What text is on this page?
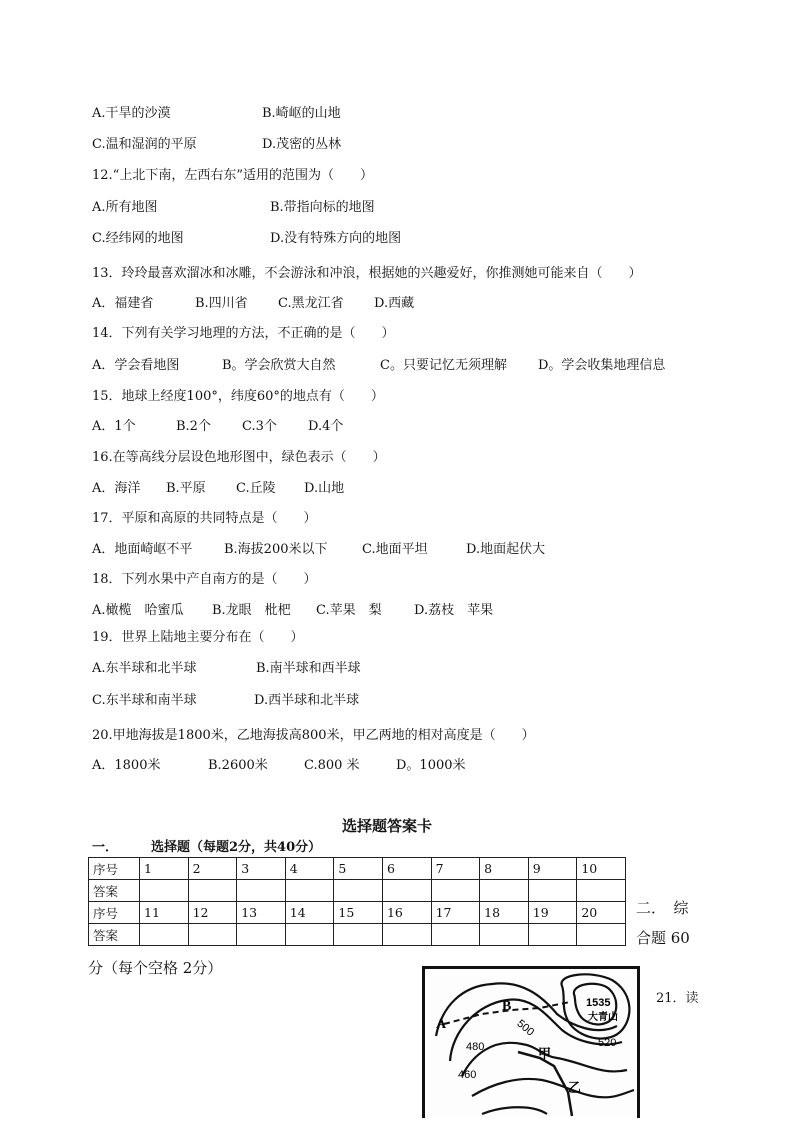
A.干旱的沙漠	B.崎岖的山地
C.温和湿润的平原	D.茂密的丛林
12.“上北下南，左西右东”适用的范围为（　　）
A.所有地图	B.带指向标的地图
C.经纬网的地图	D.没有特殊方向的地图
13．玲玲最喜欢溜冰和冰雕，不会游泳和冲浪，根据她的兴趣爱好，你推测她可能来自（　　）
A．福建省	B.四川省 C.黑龙江省 D.西藏
14．下列有关学习地理的方法，不正确的是（　　）
A．学会看地图	B。学会欣赏大自然	C。只要记忆无须理解 D。学会收集地理信息
15．地球上经度100°，纬度60°的地点有（　　）
A．1个	B.2个 C.3个 D.4个
16.在等高线分层设色地形图中，绿色表示（　　）
A．海洋 B.平原 C.丘陵 D.山地
17．平原和高原的共同特点是（　　）
A．地面崎岖不平 B.海拔200米以下	C.地面平坦	D.地面起伏大
18．下列水果中产自南方的是（　　）
A.橄榄　哈蜜瓜 B.龙眼　枇杷 C.苹果　梨 D.荔枝　苹果
19．世界上陆地主要分布在（　　）
A.东半球和北半球	B.南半球和西半球
C.东半球和南半球	D.西半球和北半球
20.甲地海拔是1800米，乙地海拔高800米，甲乙两地的相对高度是（　　）
A．1800米	B.2600米	C.800 米	D。1000米
选择题答案卡
一．	选择题（每题2分，共40分）
序号	1	2	3	4	5	6	7	8	9	10
答案										
序号	11	12	13	14	15	16	17	18	19	20
答案										
二．　综
合题 60
分（每个空格 2分）
21．读
A
B	1535
大青山
520
500
480
460
甲
乙
